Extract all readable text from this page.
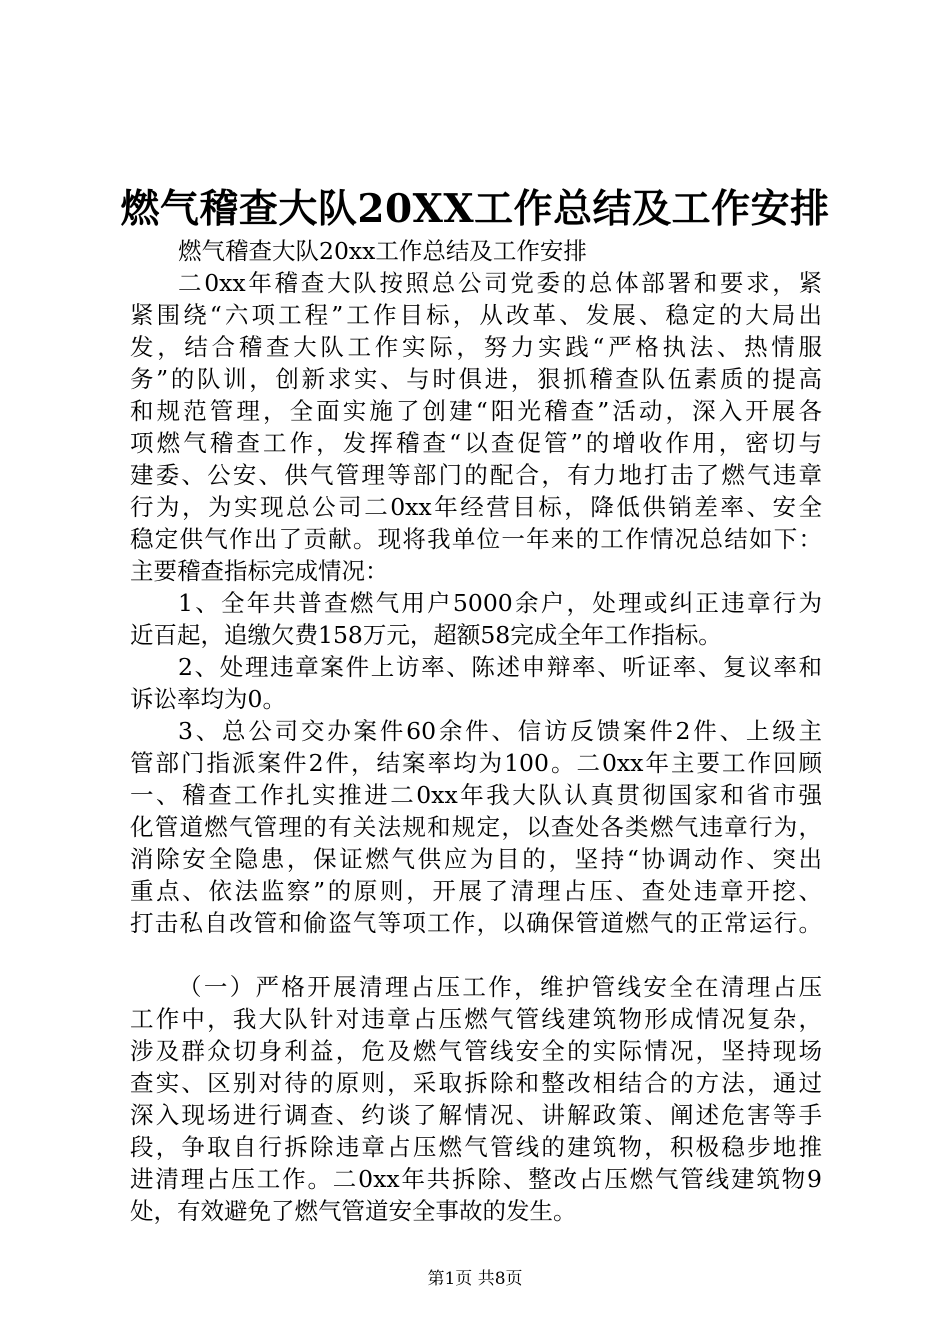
燃气稽查大队20XX工作总结及工作安排
燃气稽查大队20xx工作总结及工作安排
二0xx年稽查大队按照总公司党委的总体部署和要求，紧
紧围绕“六项工程”工作目标，从改革、发展、稳定的大局出
发，结合稽查大队工作实际，努力实践“严格执法、热情服
务”的队训，创新求实、与时俱进，狠抓稽查队伍素质的提高
和规范管理，全面实施了创建“阳光稽查”活动，深入开展各
项燃气稽查工作，发挥稽查“以查促管”的增收作用，密切与
建委、公安、供气管理等部门的配合，有力地打击了燃气违章
行为，为实现总公司二0xx年经营目标，降低供销差率、安全
稳定供气作出了贡献。现将我单位一年来的工作情况总结如下：
主要稽查指标完成情况：
1、全年共普查燃气用户5000余户，处理或纠正违章行为
近百起，追缴欠费158万元，超额58完成全年工作指标。
2、处理违章案件上访率、陈述申辩率、听证率、复议率和
诉讼率均为0。
3、总公司交办案件60余件、信访反馈案件2件、上级主
管部门指派案件2件，结案率均为100。二0xx年主要工作回顾
一、稽查工作扎实推进二0xx年我大队认真贯彻国家和省市强
化管道燃气管理的有关法规和规定，以查处各类燃气违章行为，
消除安全隐患，保证燃气供应为目的，坚持“协调动作、突出
重点、依法监察”的原则，开展了清理占压、查处违章开挖、
打击私自改管和偷盗气等项工作，以确保管道燃气的正常运行。
（一）严格开展清理占压工作，维护管线安全在清理占压
工作中，我大队针对违章占压燃气管线建筑物形成情况复杂，
涉及群众切身利益，危及燃气管线安全的实际情况，坚持现场
查实、区别对待的原则，采取拆除和整改相结合的方法，通过
深入现场进行调查、约谈了解情况、讲解政策、阐述危害等手
段，争取自行拆除违章占压燃气管线的建筑物，积极稳步地推
进清理占压工作。二0xx年共拆除、整改占压燃气管线建筑物9
处，有效避免了燃气管道安全事故的发生。
第1页 共8页
